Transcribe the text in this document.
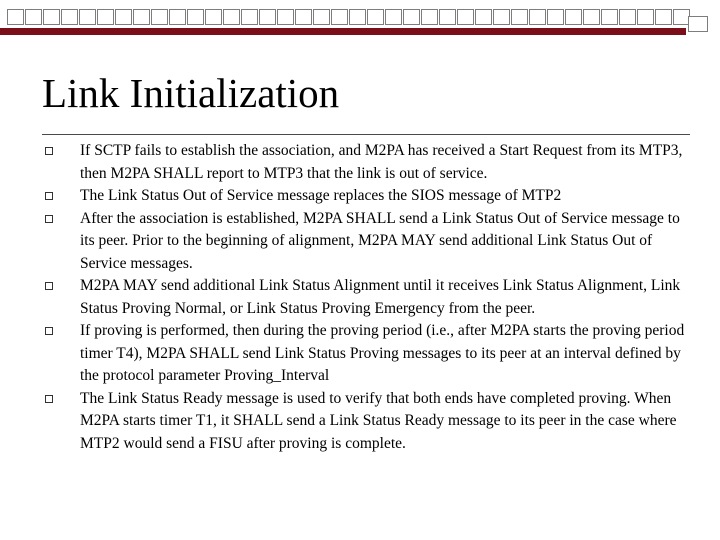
Link Initialization
If SCTP fails to establish the association, and M2PA has received a Start Request from its MTP3, then M2PA SHALL report to MTP3 that the link is out of service.
The Link Status Out of Service message replaces the SIOS message of MTP2
After the association is established, M2PA SHALL send a Link Status Out of Service message to its peer. Prior to the beginning of alignment, M2PA MAY send additional Link Status Out of Service messages.
M2PA MAY send additional Link Status Alignment until it receives Link Status Alignment, Link Status Proving Normal, or Link Status Proving Emergency from the peer.
If proving is performed, then during the proving period (i.e., after M2PA starts the proving period timer T4), M2PA SHALL send Link Status Proving messages to its peer at an interval defined by the protocol parameter Proving_Interval
The Link Status Ready message is used to verify that both ends have completed proving. When M2PA starts timer T1, it SHALL send a Link Status Ready message to its peer in the case where MTP2 would send a FISU after proving is complete.
